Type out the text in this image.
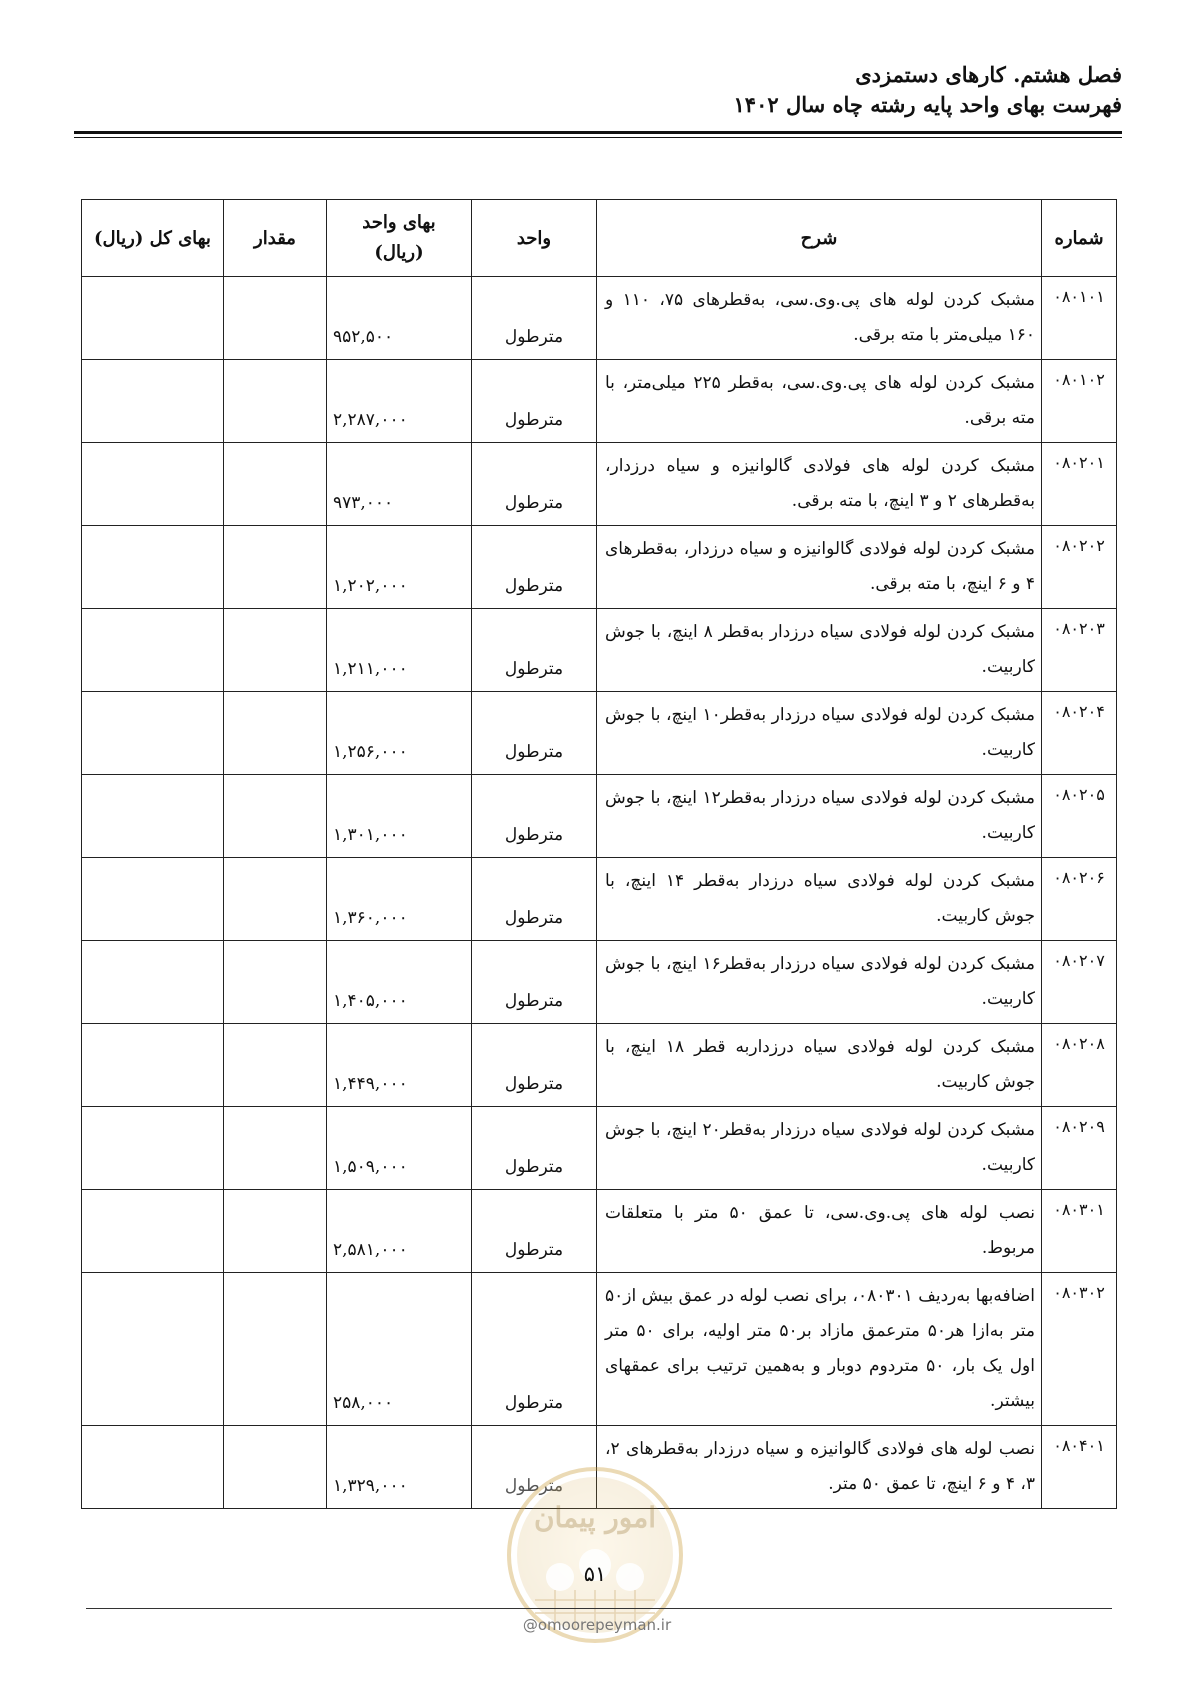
فصل هشتم. کارهای دستمزدی
فهرست بهای واحد پایه رشته چاه سال ۱۴۰۲
شماره	شرح	واحد	بهای واحد (ریال)	مقدار	بهای کل (ریال)
۰۸۰۱۰۱	مشبک کردن لوله های پی.وی.سی، به‌قطرهای ۷۵، ۱۱۰ و ۱۶۰ میلی‌متر با مته برقی.	مترطول	۹۵۲,۵۰۰		
۰۸۰۱۰۲	مشبک کردن لوله های پی.وی.سی، به‌قطر ۲۲۵ میلی‌متر، با مته برقی.	مترطول	۲,۲۸۷,۰۰۰		
۰۸۰۲۰۱	مشبک کردن لوله های فولادی گالوانیزه و سیاه درزدار، به‌قطرهای ۲ و ۳ اینچ، با مته برقی.	مترطول	۹۷۳,۰۰۰		
۰۸۰۲۰۲	مشبک کردن لوله فولادی گالوانیزه و سیاه درزدار، به‌قطرهای ۴ و ۶ اینچ، با مته برقی.	مترطول	۱,۲۰۲,۰۰۰		
۰۸۰۲۰۳	مشبک کردن لوله فولادی سیاه درزدار به‌قطر ۸ اینچ، با جوش کاربیت.	مترطول	۱,۲۱۱,۰۰۰		
۰۸۰۲۰۴	مشبک کردن لوله فولادی سیاه درزدار به‌قطر۱۰ اینچ، با جوش کاربیت.	مترطول	۱,۲۵۶,۰۰۰		
۰۸۰۲۰۵	مشبک کردن لوله فولادی سیاه درزدار به‌قطر۱۲ اینچ، با جوش کاربیت.	مترطول	۱,۳۰۱,۰۰۰		
۰۸۰۲۰۶	مشبک کردن لوله فولادی سیاه درزدار به‌قطر ۱۴ اینچ، با جوش کاربیت.	مترطول	۱,۳۶۰,۰۰۰		
۰۸۰۲۰۷	مشبک کردن لوله فولادی سیاه درزدار به‌قطر۱۶ اینچ، با جوش کاربیت.	مترطول	۱,۴۰۵,۰۰۰		
۰۸۰۲۰۸	مشبک کردن لوله فولادی سیاه درزداربه قطر ۱۸ اینچ، با جوش کاربیت.	مترطول	۱,۴۴۹,۰۰۰		
۰۸۰۲۰۹	مشبک کردن لوله فولادی سیاه درزدار به‌قطر۲۰ اینچ، با جوش کاربیت.	مترطول	۱,۵۰۹,۰۰۰		
۰۸۰۳۰۱	نصب لوله های پی.وی.سی، تا عمق ۵۰ متر با متعلقات مربوط.	مترطول	۲,۵۸۱,۰۰۰		
۰۸۰۳۰۲	اضافه‌بها به‌ردیف ۰۸۰۳۰۱، برای نصب لوله در عمق بیش از۵۰ متر به‌ازا هر۵۰ مترعمق مازاد بر۵۰ متر اولیه، برای ۵۰ متر اول یک بار، ۵۰ متردوم دوبار و به‌همین ترتیب برای عمقهای بیشتر.	مترطول	۲۵۸,۰۰۰		
۰۸۰۴۰۱	نصب لوله های فولادی گالوانیزه و سیاه درزدار به‌قطرهای ۲، ۳، ۴ و ۶ اینچ، تا عمق ۵۰ متر.	مترطول	۱,۳۲۹,۰۰۰		
امور پیمان
۵۱
@omoorepeyman.ir
